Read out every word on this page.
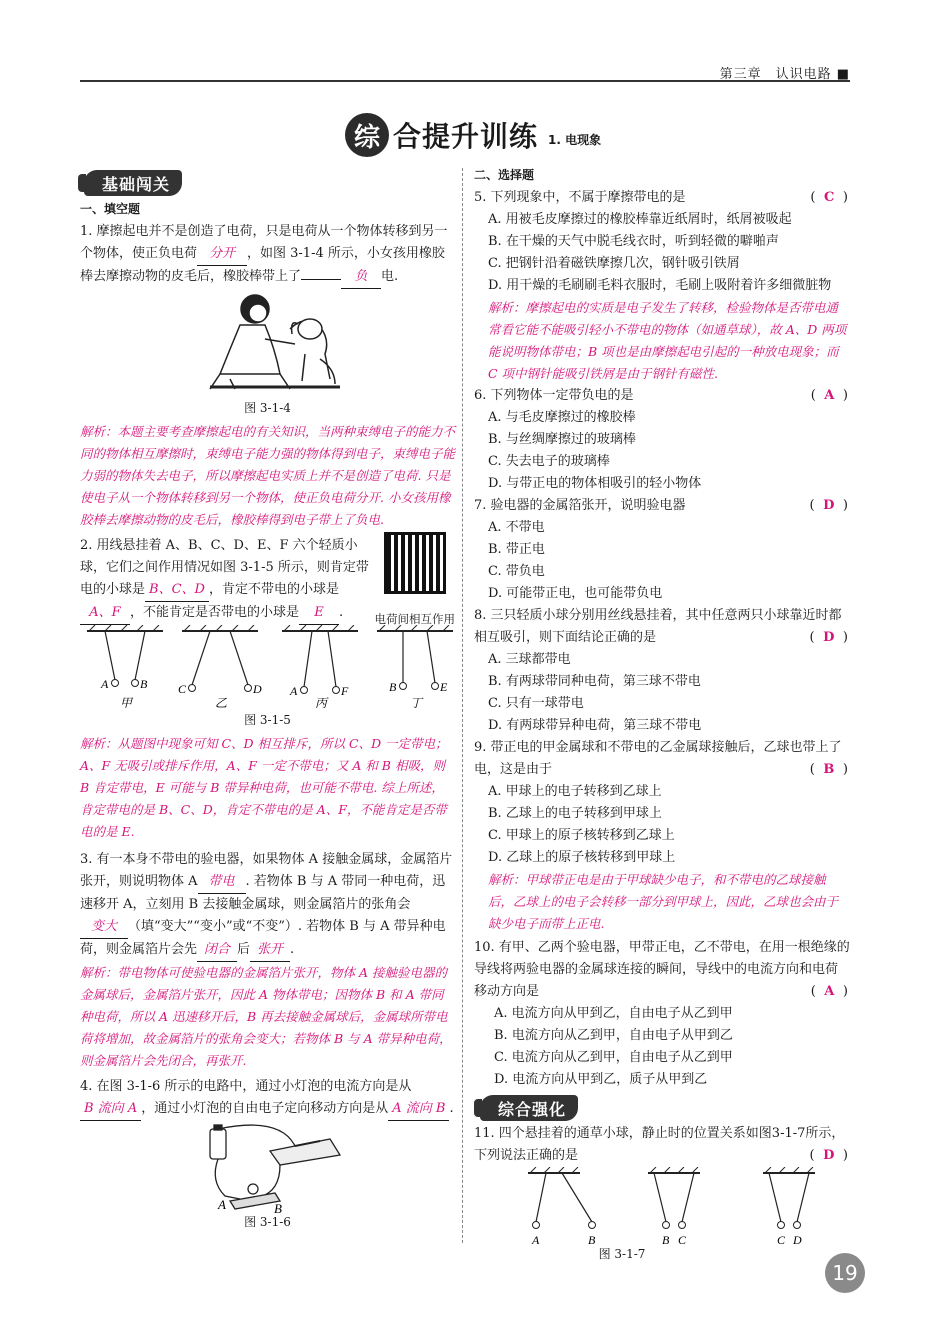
第三章　认识电路 ■
综 合提升训练 1. 电现象
基础闯关
一、填空题
1. 摩擦起电并不是创造了电荷，只是电荷从一个物体转移到另一个物体，使正负电荷 分开 ，如图 3-1-4 所示，小女孩用橡胶棒去摩擦动物的皮毛后，橡胶棒带上了	负 电.
图 3-1-4
解析：本题主要考查摩擦起电的有关知识，当两种束缚电子的能力不同的物体相互摩擦时，束缚电子能力强的物体得到电子，束缚电子能力弱的物体失去电子，所以摩擦起电实质上并不是创造了电荷. 只是使电子从一个物体转移到另一个物体，使正负电荷分开. 小女孩用橡胶棒去摩擦动物的皮毛后，橡胶棒得到电子带上了负电.
电荷间相互作用
2. 用线悬挂着 A、B、C、D、E、F 六个轻质小球，它们之间作用情况如图 3-1-5 所示，则肯定带电的小球是 B、C、D ，肯定不带电的小球是
A、F ，不能肯定是否带电的小球是 E .
A	B
甲
C	D
乙
A	F
丙
B	E
丁
图 3-1-5
解析：从题图中现象可知 C、D 相互排斥，所以 C、D 一定带电；A、F 无吸引或排斥作用，A、F 一定不带电；又 A 和 B 相吸，则 B 肯定带电，E 可能与 B 带异种电荷，也可能不带电. 综上所述，肯定带电的是 B、C、D，肯定不带电的是 A、F，不能肯定是否带电的是 E.
3. 有一本身不带电的验电器，如果物体 A 接触金属球，金属箔片张开，则说明物体 A 带电 . 若物体 B 与 A 带同一种电荷，迅速移开 A，立刻用 B 去接触金属球，则金属箔片的张角会变大 （填“变大”“变小”或“不变”）. 若物体 B 与 A 带异种电荷，则金属箔片会先 闭合 后 张开 .
解析：带电物体可使验电器的金属箔片张开，物体 A 接触验电器的金属球后，金属箔片张开，因此 A 物体带电；因物体 B 和 A 带同种电荷，所以 A 迅速移开后，B 再去接触金属球后，金属球所带电荷将增加，故金属箔片的张角会变大；若物体 B 与 A 带异种电荷，则金属箔片会先闭合，再张开.
4. 在图 3-1-6 所示的电路中，通过小灯泡的电流方向是从B 流向 A ，通过小灯泡的自由电子定向移动方向是从 A 流向 B .
A	B
图 3-1-6
二、选择题
( C )
5. 下列现象中，不属于摩擦带电的是
A. 用被毛皮摩擦过的橡胶棒靠近纸屑时，纸屑被吸起
B. 在干燥的天气中脱毛线衣时，听到轻微的噼啪声
C. 把钢针沿着磁铁摩擦几次，钢针吸引铁屑
D. 用干燥的毛刷刷毛料衣服时，毛刷上吸附着许多细微脏物
解析：摩擦起电的实质是电子发生了转移，检验物体是否带电通常看它能不能吸引轻小不带电的物体（如通草球），故 A、D 两项能说明物体带电；B 项也是由摩擦起电引起的一种放电现象；而 C 项中钢针能吸引铁屑是由于钢针有磁性.
( A )
6. 下列物体一定带负电的是
A. 与毛皮摩擦过的橡胶棒
B. 与丝绸摩擦过的玻璃棒
C. 失去电子的玻璃棒
D. 与带正电的物体相吸引的轻小物体
( D )
7. 验电器的金属箔张开，说明验电器
A. 不带电
B. 带正电
C. 带负电
D. 可能带正电，也可能带负电
8. 三只轻质小球分别用丝线悬挂着，其中任意两只小球靠近时都相互吸引，则下面结论正确的是	( D )
A. 三球都带电
B. 有两球带同种电荷，第三球不带电
C. 只有一球带电
D. 有两球带异种电荷，第三球不带电
9. 带正电的甲金属球和不带电的乙金属球接触后，乙球也带上了电，这是由于	( B )
A. 甲球上的电子转移到乙球上
B. 乙球上的电子转移到甲球上
C. 甲球上的原子核转移到乙球上
D. 乙球上的原子核转移到甲球上
解析：甲球带正电是由于甲球缺少电子，和不带电的乙球接触后，乙球上的电子会转移一部分到甲球上，因此，乙球也会由于缺少电子而带上正电.
10. 有甲、乙两个验电器，甲带正电，乙不带电，在用一根绝缘的导线将两验电器的金属球连接的瞬间，导线中的电流方向和电荷移动方向是	( A )
A. 电流方向从甲到乙，自由电子从乙到甲
B. 电流方向从乙到甲，自由电子从甲到乙
C. 电流方向从乙到甲，自由电子从乙到甲
D. 电流方向从甲到乙，质子从甲到乙
综合强化
11. 四个悬挂着的通草小球，静止时的位置关系如图3-1-7所示，下列说法正确的是	( D )
A	B	B C	C D
图 3-1-7
19
